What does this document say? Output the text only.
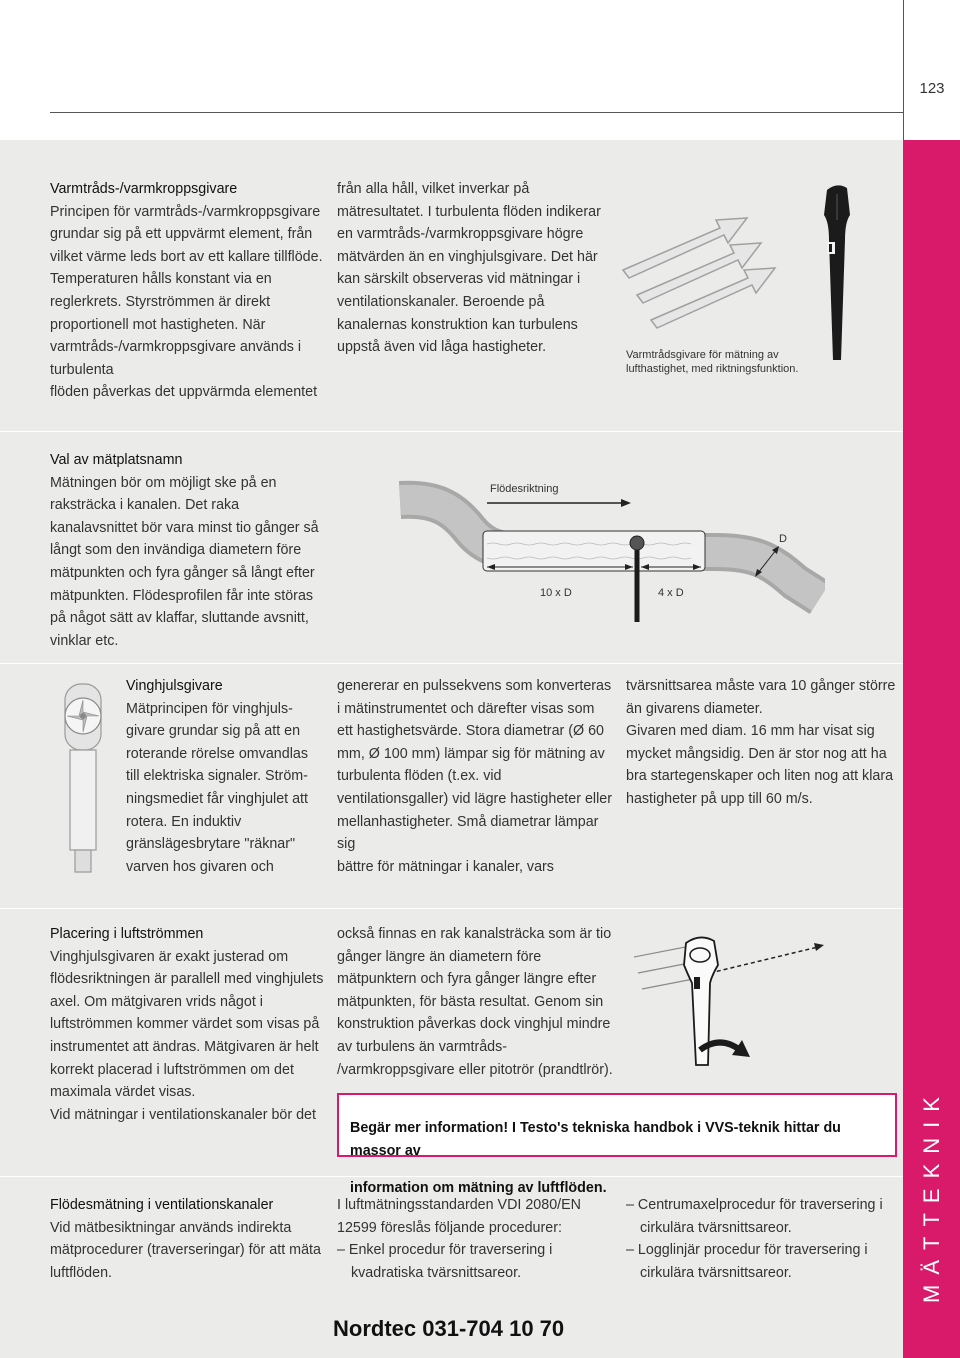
123
MÄTTEKNIK

Varmtråds-/varmkroppsgivare

Principen för varmtråds-/varmkroppsgivare

grundar sig på ett uppvärmt element, från

vilket värme leds bort av ett kallare tillflöde.

Temperaturen hålls konstant via en

reglerkrets. Styrströmmen är direkt

proportionell mot hastigheten. När

varmtråds-/varmkroppsgivare används i

turbulenta

flöden påverkas det uppvärmda elementet

från alla håll, vilket inverkar på

mätresultatet. I turbulenta flöden indikerar

en varmtråds-/varmkroppsgivare högre

mätvärden än en vinghjulsgivare. Det här

kan särskilt observeras vid mätningar i

ventilationskanaler. Beroende på

kanalernas konstruktion kan turbulens

uppstå även vid låga hastigheter.	Varmtrådsgivare för mätning av

lufthastighet, med riktningsfunktion.

Val av mätplatsnamn

Mätningen bör om möjligt ske på en

raksträcka i kanalen. Det raka

kanalavsnittet bör vara minst tio gånger så

långt som den invändiga diametern före

mätpunkten och fyra gånger så långt efter

mätpunkten. Flödesprofilen får inte störas

på något sätt av klaffar, sluttande avsnitt,

vinklar etc.

Flödesriktning
10 x D	4 x D
D

Vinghjulsgivare

Mätprincipen för vinghjuls-

givare grundar sig på att en

roterande rörelse omvandlas

till elektriska signaler. Ström-

ningsmediet får vinghjulet att

rotera. En induktiv

gränslägesbrytare "räknar"

varven hos givaren och

genererar en pulssekvens som konverteras

i mätinstrumentet och därefter visas som

ett hastighetsvärde. Stora diametrar (Ø 60

mm, Ø 100 mm) lämpar sig för mätning av

turbulenta flöden (t.ex. vid

ventilationsgaller) vid lägre hastigheter eller

mellanhastigheter. Små diametrar lämpar

sig

bättre för mätningar i kanaler, vars

tvärsnittsarea måste vara 10 gånger större

än givarens diameter.

Givaren med diam. 16 mm har visat sig

mycket mångsidig. Den är stor nog att ha

bra startegenskaper och liten nog att klara

hastigheter på upp till 60 m/s.

Placering i luftströmmen

Vinghjulsgivaren är exakt justerad om

flödesriktningen är parallell med vinghjulets

axel. Om mätgivaren vrids något i

luftströmmen kommer värdet som visas på

instrumentet att ändras. Mätgivaren är helt

korrekt placerad i luftströmmen om det

maximala värdet visas.

Vid mätningar i ventilationskanaler bör det

också finnas en rak kanalsträcka som är tio

gånger längre än diametern före

mätpunktern och fyra gånger längre efter

mätpunkten, för bästa resultat. Genom sin

konstruktion påverkas dock vinghjul mindre

av turbulens än varmtråds-

/varmkroppsgivare eller pitotrör (prandtlrör).

Begär mer information! I Testo's tekniska handbok i VVS-teknik hittar du massor av

information om mätning av luftflöden.

Flödesmätning i ventilationskanaler

Vid mätbesiktningar används indirekta

mätprocedurer (traverseringar) för att mäta

luftflöden.

I luftmätningsstandarden VDI 2080/EN

12599 föreslås följande procedurer:

– Enkel procedur för traversering i

kvadratiska tvärsnittsareor.

– Centrumaxelprocedur för traversering i

cirkulära tvärsnittsareor.

– Logglinjär procedur för traversering i

cirkulära tvärsnittsareor.

Nordtec 031-704 10 70
